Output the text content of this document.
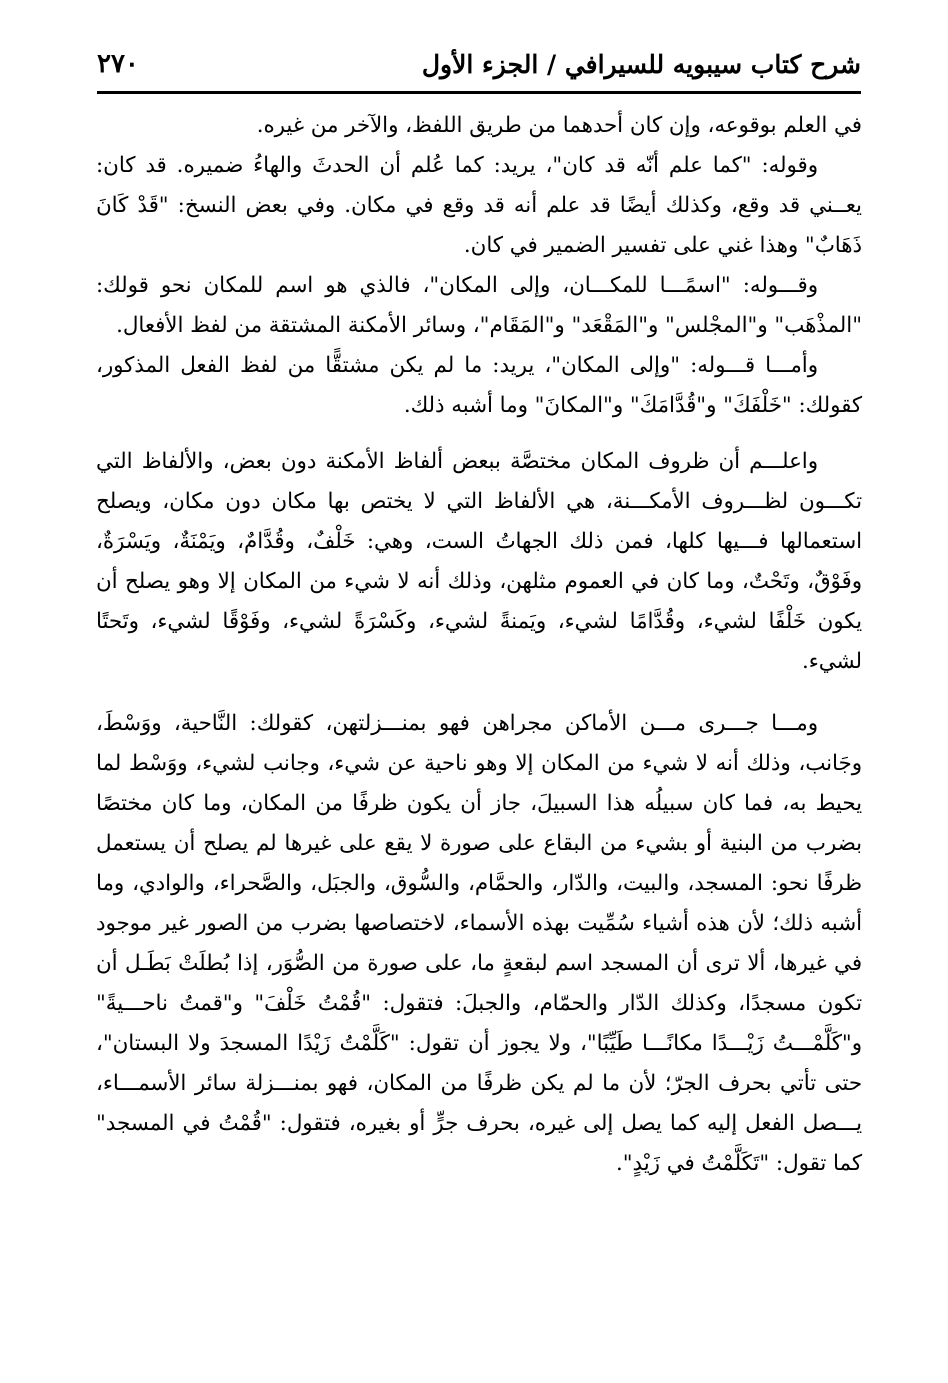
شرح كتاب سيبويه للسيرافي / الجزء الأول
٢٧٠

في العلم بوقوعه، وإن كان أحدهما من طريق اللفظ، والآخر من غيره.

وقوله: "كما علم أنّه قد كان"، يريد: كما عُلم أن الحدثَ والهاءُ ضميره. قد كان: يعــني قد وقع، وكذلك أيضًا قد علم أنه قد وقع في مكان. وفي بعض النسخ: "قَدْ كَانَ ذَهَابٌ" وهذا غني على تفسير الضمير في كان.

وقـــوله: "اسمًـــا للمكـــان، وإلى المكان"، فالذي هو اسم للمكان نحو قولك: "المذْهَب" و"المجْلس" و"المَقْعَد" و"المَقَام"، وسائر الأمكنة المشتقة من لفظ الأفعال.

وأمـــا قـــوله: "وإلى المكان"، يريد: ما لم يكن مشتقًّا من لفظ الفعل المذكور، كقولك: "خَلْفَكَ" و"قُدَّامَكَ" و"المكانَ" وما أشبه ذلك.

واعلـــم أن ظروف المكان مختصَّة ببعض ألفاظ الأمكنة دون بعض، والألفاظ التي تكـــون لظـــروف الأمكـــنة، هي الألفاظ التي لا يختص بها مكان دون مكان، ويصلح استعمالها فـــيها كلها، فمن ذلك الجهاتُ الست، وهي: خَلْفٌ، وقُدَّامٌ، ويَمْنَةٌ، ويَسْرَةٌ، وفَوْقٌ، وتَحْتٌ، وما كان في العموم مثلهن، وذلك أنه لا شيء من المكان إلا وهو يصلح أن يكون خَلْفًا لشيء، وقُدَّامًا لشيء، ويَمنةً لشيء، وكَسْرَةً لشيء، وفَوْقًا لشيء، وتَحتًا لشيء.

ومـــا جـــرى مـــن الأماكن مجراهن فهو بمنـــزلتهن، كقولك: النَّاحية، ووَسْطَ، وجَانب، وذلك أنه لا شيء من المكان إلا وهو ناحية عن شيء، وجانب لشيء، ووَسْط لما يحيط به، فما كان سبيلُه هذا السبيلَ، جاز أن يكون ظرفًا من المكان، وما كان مختصًا بضرب من البنية أو بشيء من البقاع على صورة لا يقع على غيرها لم يصلح أن يستعمل ظرفًا نحو: المسجد، والبيت، والدّار، والحمَّام، والسُّوق، والجبَل، والصَّحراء، والوادي، وما أشبه ذلك؛ لأن هذه أشياء سُمِّيت بهذه الأسماء، لاختصاصها بضرب من الصور غير موجود في غيرها، ألا ترى أن المسجد اسم لبقعةٍ ما، على صورة من الصُّوَر، إذا بُطلَتْ بَطَـل أن تكون مسجدًا، وكذلك الدّار والحمّام، والجبلَ: فتقول: "قُمْتُ خَلْفَ" و"قمتُ ناحـــيةً" و"كَلَّمْـــتُ زَيْـــدًا مكانًـــا طَيِّبًا"، ولا يجوز أن تقول: "كَلَّمْتُ زَيْدًا المسجدَ ولا البستان"، حتى تأتي بحرف الجرّ؛ لأن ما لم يكن ظرفًا من المكان، فهو بمنـــزلة سائر الأسمـــاء، يـــصل الفعل إليه كما يصل إلى غيره، بحرف جرٍّ أو بغيره، فتقول: "قُمْتُ في المسجد" كما تقول: "تَكَلَّمْتُ في زَيْدٍ".
